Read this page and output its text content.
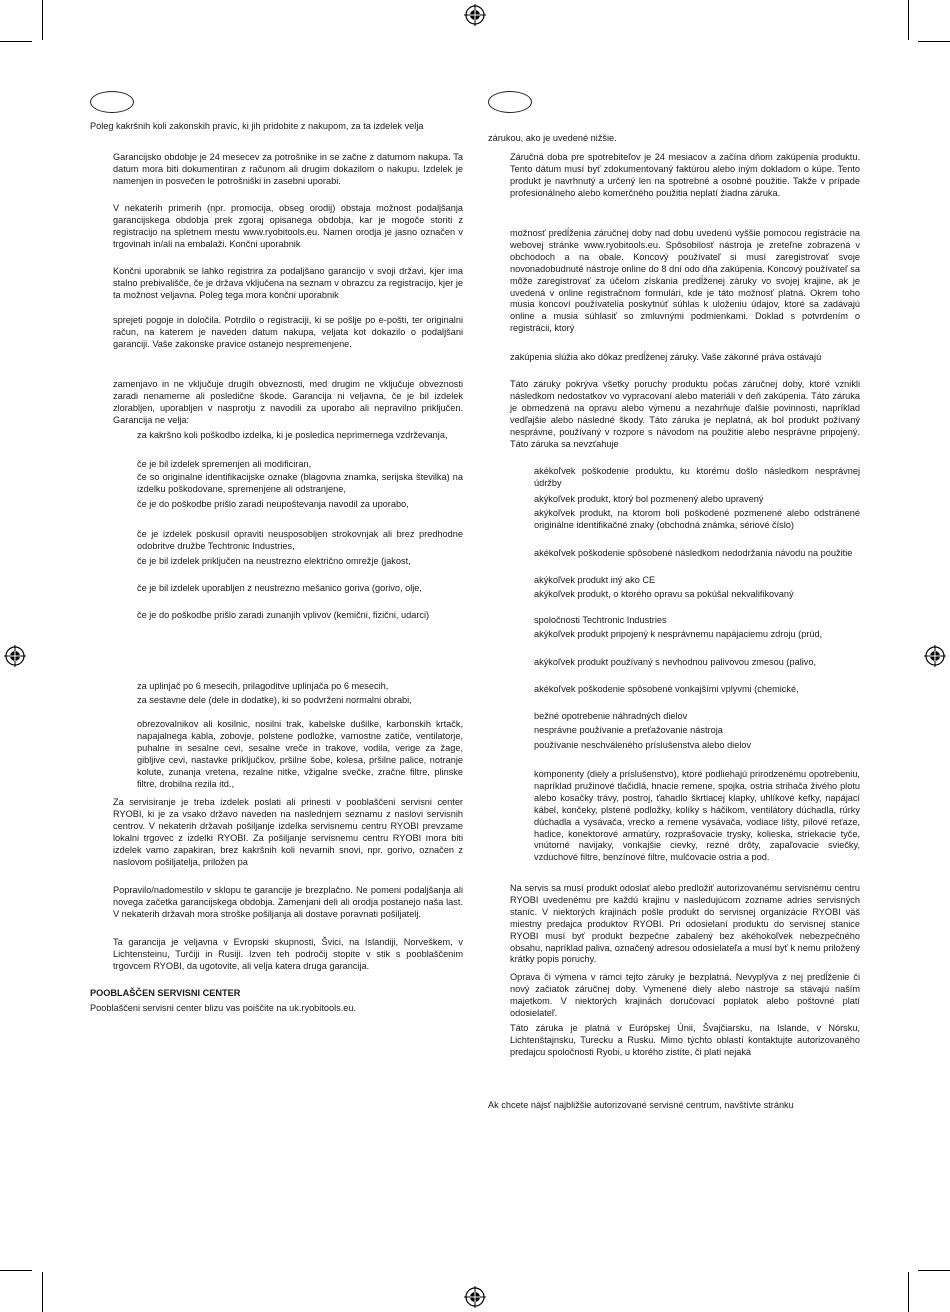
Poleg kakršnih koli zakonskih pravic, ki jih pridobite z nakupom, za ta izdelek velja

Garancijsko obdobje je 24 mesecev za potrošnike in se začne z datumom nakupa. Ta datum mora biti dokumentiran z računom ali drugim dokazilom o nakupu. Izdelek je namenjen in posvečen le potrošniški in zasebni uporabi.

V nekaterih primerih (npr. promocija, obseg orodij) obstaja možnost podaljšanja garancijskega obdobja prek zgoraj opisanega obdobja, kar je mogoče storiti z registracijo na spletnem mestu www.ryobitools.eu. Namen orodja je jasno označen v trgovinah in/ali na embalaži. Končni uporabnik

Končni uporabnik se lahko registrira za podaljšano garancijo v svoji državi, kjer ima stalno prebivališče, če je država vključena na seznam v obrazcu za registracijo, kjer je ta možnost veljavna. Poleg tega mora končni uporabnik

sprejeti pogoje in določila. Potrdilo o registraciji, ki se pošlje po e-pošti, ter originalni račun, na katerem je naveden datum nakupa, veljata kot dokazilo o podaljšani garanciji. Vaše zakonske pravice ostanejo nespremenjene.

zamenjavo in ne vključuje drugih obveznosti, med drugim ne vključuje obveznosti zaradi nenamerne ali posledične škode. Garancija ni veljavna, če je bil izdelek zlorabljen, uporabljen v nasprotju z navodili za uporabo ali nepravilno priključen. Garancija ne velja:

za kakršno koli poškodbo izdelka, ki je posledica neprimernega vzdrževanja,

če je bil izdelek spremenjen ali modificiran,

če so originalne identifikacijske oznake (blagovna znamka, serijska številka) na izdelku poškodovane, spremenjene ali odstranjene,

če je do poškodbe prišlo zaradi neupoštevanja navodil za uporabo,

če je izdelek poskusil opraviti neusposobljen strokovnjak ali brez predhodne odobritve družbe Techtronic Industries,

če je bil izdelek priključen na neustrezno električno omrežje (jakost,

če je bil izdelek uporabljen z neustrezno mešanico goriva (gorivo, olje,

če je do poškodbe prišlo zaradi zunanjih vplivov (kemični, fizični, udarci)

za uplinjač po 6 mesecih, prilagoditve uplinjača po 6 mesecih,

za sestavne dele (dele in dodatke), ki so podvrženi normalni obrabi,

obrezovalnikov ali kosilnic, nosilni trak, kabelske dušilke, karbonskih krtačk, napajalnega kabla, zobovje, polstene podložke, varnostne zatiče, ventilatorje, puhalne in sesalne cevi, sesalne vreče in trakove, vodila, verige za žage, gibljive cevi, nastavke priključkov, pršilne šobe, kolesa, pršilne palice, notranje kolute, zunanja vretena, rezalne nitke, vžigalne svečke, zračne filtre, plinske filtre, drobilna rezila itd.,

Za servisiranje je treba izdelek poslati ali prinesti v pooblaščeni servisni center RYOBI, ki je za vsako državo naveden na naslednjem seznamu z naslovi servisnih centrov. V nekaterih državah pošiljanje izdelka servisnemu centru RYOBI prevzame lokalni trgovec z izdelki RYOBI. Za pošiljanje servisnemu centru RYOBI mora biti izdelek varno zapakiran, brez kakršnih koli nevarnih snovi, npr. gorivo, označen z naslovom pošiljatelja, priložen pa

Popravilo/nadomestilo v sklopu te garancije je brezplačno. Ne pomeni podaljšanja ali novega začetka garancijskega obdobja. Zamenjani deli ali orodja postanejo naša last. V nekaterih državah mora stroške pošiljanja ali dostave poravnati pošiljatelj.

Ta garancija je veljavna v Evropski skupnosti, Švici, na Islandiji, Norveškem, v Lichtensteinu, Turčiji in Rusiji. Izven teh področij stopite v stik s pooblaščenim trgovcem RYOBI, da ugotovite, ali velja katera druga garancija.

POOBLAŠČEN SERVISNI CENTER

Pooblaščeni servisni center blizu vas poiščite na uk.ryobitools.eu.

zárukou, ako je uvedené nižšie.

Záručná doba pre spotrebiteľov je 24 mesiacov a začína dňom zakúpenia produktu. Tento dátum musí byť zdokumentovaný faktúrou alebo iným dokladom o kúpe. Tento produkt je navrhnutý a určený len na spotrebné a osobné použitie. Takže v prípade profesionálneho alebo komerčného použitia neplatí žiadna záruka.

možnosť predĺženia záručnej doby nad dobu uvedenú vyššie pomocou registrácie na webovej stránke www.ryobitools.eu. Spôsobilosť nástroja je zreteľne zobrazená v obchodoch a na obale. Koncový používateľ si musí zaregistrovať svoje novonadobudnuté nástroje online do 8 dní odo dňa zakúpenia. Koncový používateľ sa môže zaregistrovať za účelom získania predĺženej záruky vo svojej krajine, ak je uvedená v online registračnom formulári, kde je táto možnosť platná. Okrem toho musia koncoví používatelia poskytnúť súhlas k uloženiu údajov, ktoré sa zadávajú online a musia súhlasiť so zmluvnými podmienkami. Doklad s potvrdením o registrácii, ktorý

zakúpenia slúžia ako dôkaz predĺženej záruky. Vaše zákonné práva ostávajú

Táto záruky pokrýva všetky poruchy produktu počas záručnej doby, ktoré vznikli následkom nedostatkov vo vypracovaní alebo materiáli v deň zakúpenia. Táto záruka je obmedzená na opravu alebo výmenu a nezahrňuje ďalšie povinnosti, napríklad vedľajšie alebo následné škody. Táto záruka je neplatná, ak bol produkt požívaný nesprávne, používaný v rozpore s návodom na použitie alebo nesprávne pripojený. Táto záruka sa nevzťahuje

akékoľvek poškodenie produktu, ku ktorému došlo následkom nesprávnej údržby

akýkoľvek produkt, ktorý bol pozmenený alebo upravený

akýkoľvek produkt, na ktorom boli poškodené pozmenené alebo odstránené originálne identifikačné znaky (obchodná známka, sériové číslo)

akékoľvek poškodenie spôsobené následkom nedodržania návodu na použitie

akýkoľvek produkt iný ako CE

akýkoľvek produkt, o ktorého opravu sa pokúšal nekvalifikovaný

spoločnosti Techtronic Industries

akýkoľvek produkt pripojený k nesprávnemu napájaciemu zdroju (prúd,

akýkoľvek produkt používaný s nevhodnou palivovou zmesou (palivo,

akékoľvek poškodenie spôsobené vonkajšími vplyvmi (chemické,

bežné opotrebenie náhradných dielov

nesprávne používanie a preťažovanie nástroja

používanie neschváleného príslušenstva alebo dielov

komponenty (diely a príslušenstvo), ktoré podliehajú prirodzenému opotrebeniu, napríklad pružinové tlačidlá, hnacie remene, spojka, ostria strihača živého plotu alebo kosačky trávy, postroj, ťahadlo škrtiacej klapky, uhlíkové kefky, napájací kábel, končeky, plstené podložky, kolíky s háčikom, ventilátory dúchadla, rúrky dúchadla a vysávača, vrecko a remene vysávača, vodiace lišty, pílové reťaze, hadice, konektorové armatúry, rozprašovacie trysky, kolieska, striekacie tyče, vnútorné navijaky, vonkajšie cievky, rezné drôty, zapaľovacie sviečky, vzduchové filtre, benzínové filtre, mulčovacie ostria a pod.

Na servis sa musí produkt odoslať alebo predložiť autorizovanému servisnému centru RYOBI uvedenému pre každú krajinu v nasledujúcom zozname adries servisných staníc. V niektorých krajinách pošle produkt do servisnej organizácie RYOBI váš miestny predajca produktov RYOBI. Pri odosielaní produktu do servisnej stanice RYOBI musí byť produkt bezpečne zabalený bez akéhokoľvek nebezpečného obsahu, napríklad paliva, označený adresou odosielateľa a musí byť k nemu priložený krátky popis poruchy.

Oprava či výmena v rámci tejto záruky je bezplatná. Nevyplýva z nej predĺženie či nový začiatok záručnej doby. Vymenené diely alebo nástroje sa stávajú naším majetkom. V niektorých krajinách doručovací poplatok alebo poštovné platí odosielateľ.

Táto záruka je platná v Európskej Únii, Švajčiarsku, na Islande, v Nórsku, Lichtenštajnsku, Turecku a Rusku. Mimo týchto oblastí kontaktujte autorizovaného predajcu spoločnosti Ryobi, u ktorého zistíte, či platí nejaká

Ak chcete nájsť najbližšie autorizované servisné centrum, navštívte stránku
